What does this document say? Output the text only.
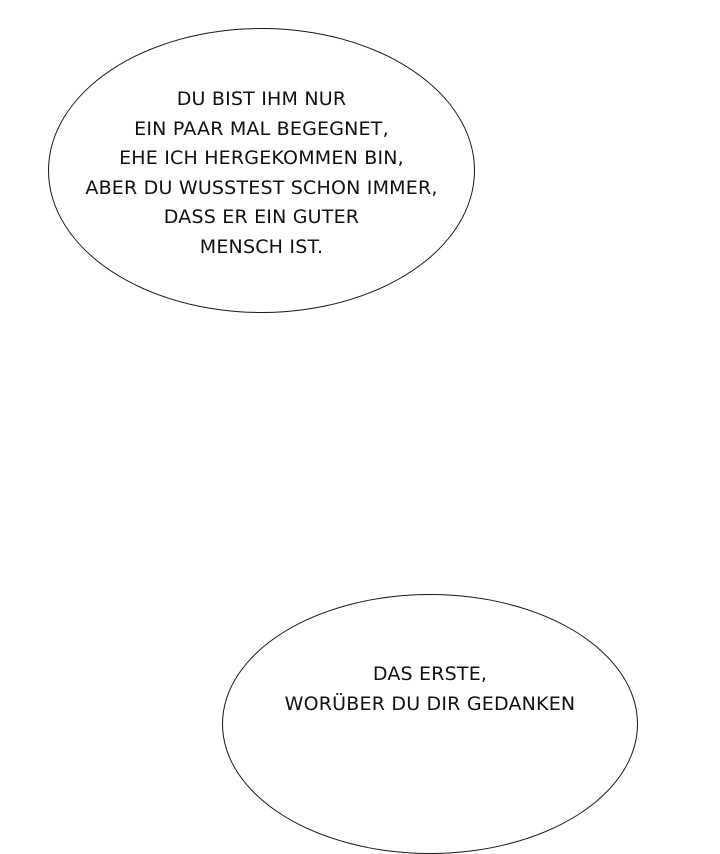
DU BIST IHM NUR
EIN PAAR MAL BEGEGNET,
EHE ICH HERGEKOMMEN BIN,
ABER DU WUSSTEST SCHON IMMER,
DASS ER EIN GUTER
MENSCH IST.

DAS ERSTE,
WORÜBER DU DIR GEDANKEN
